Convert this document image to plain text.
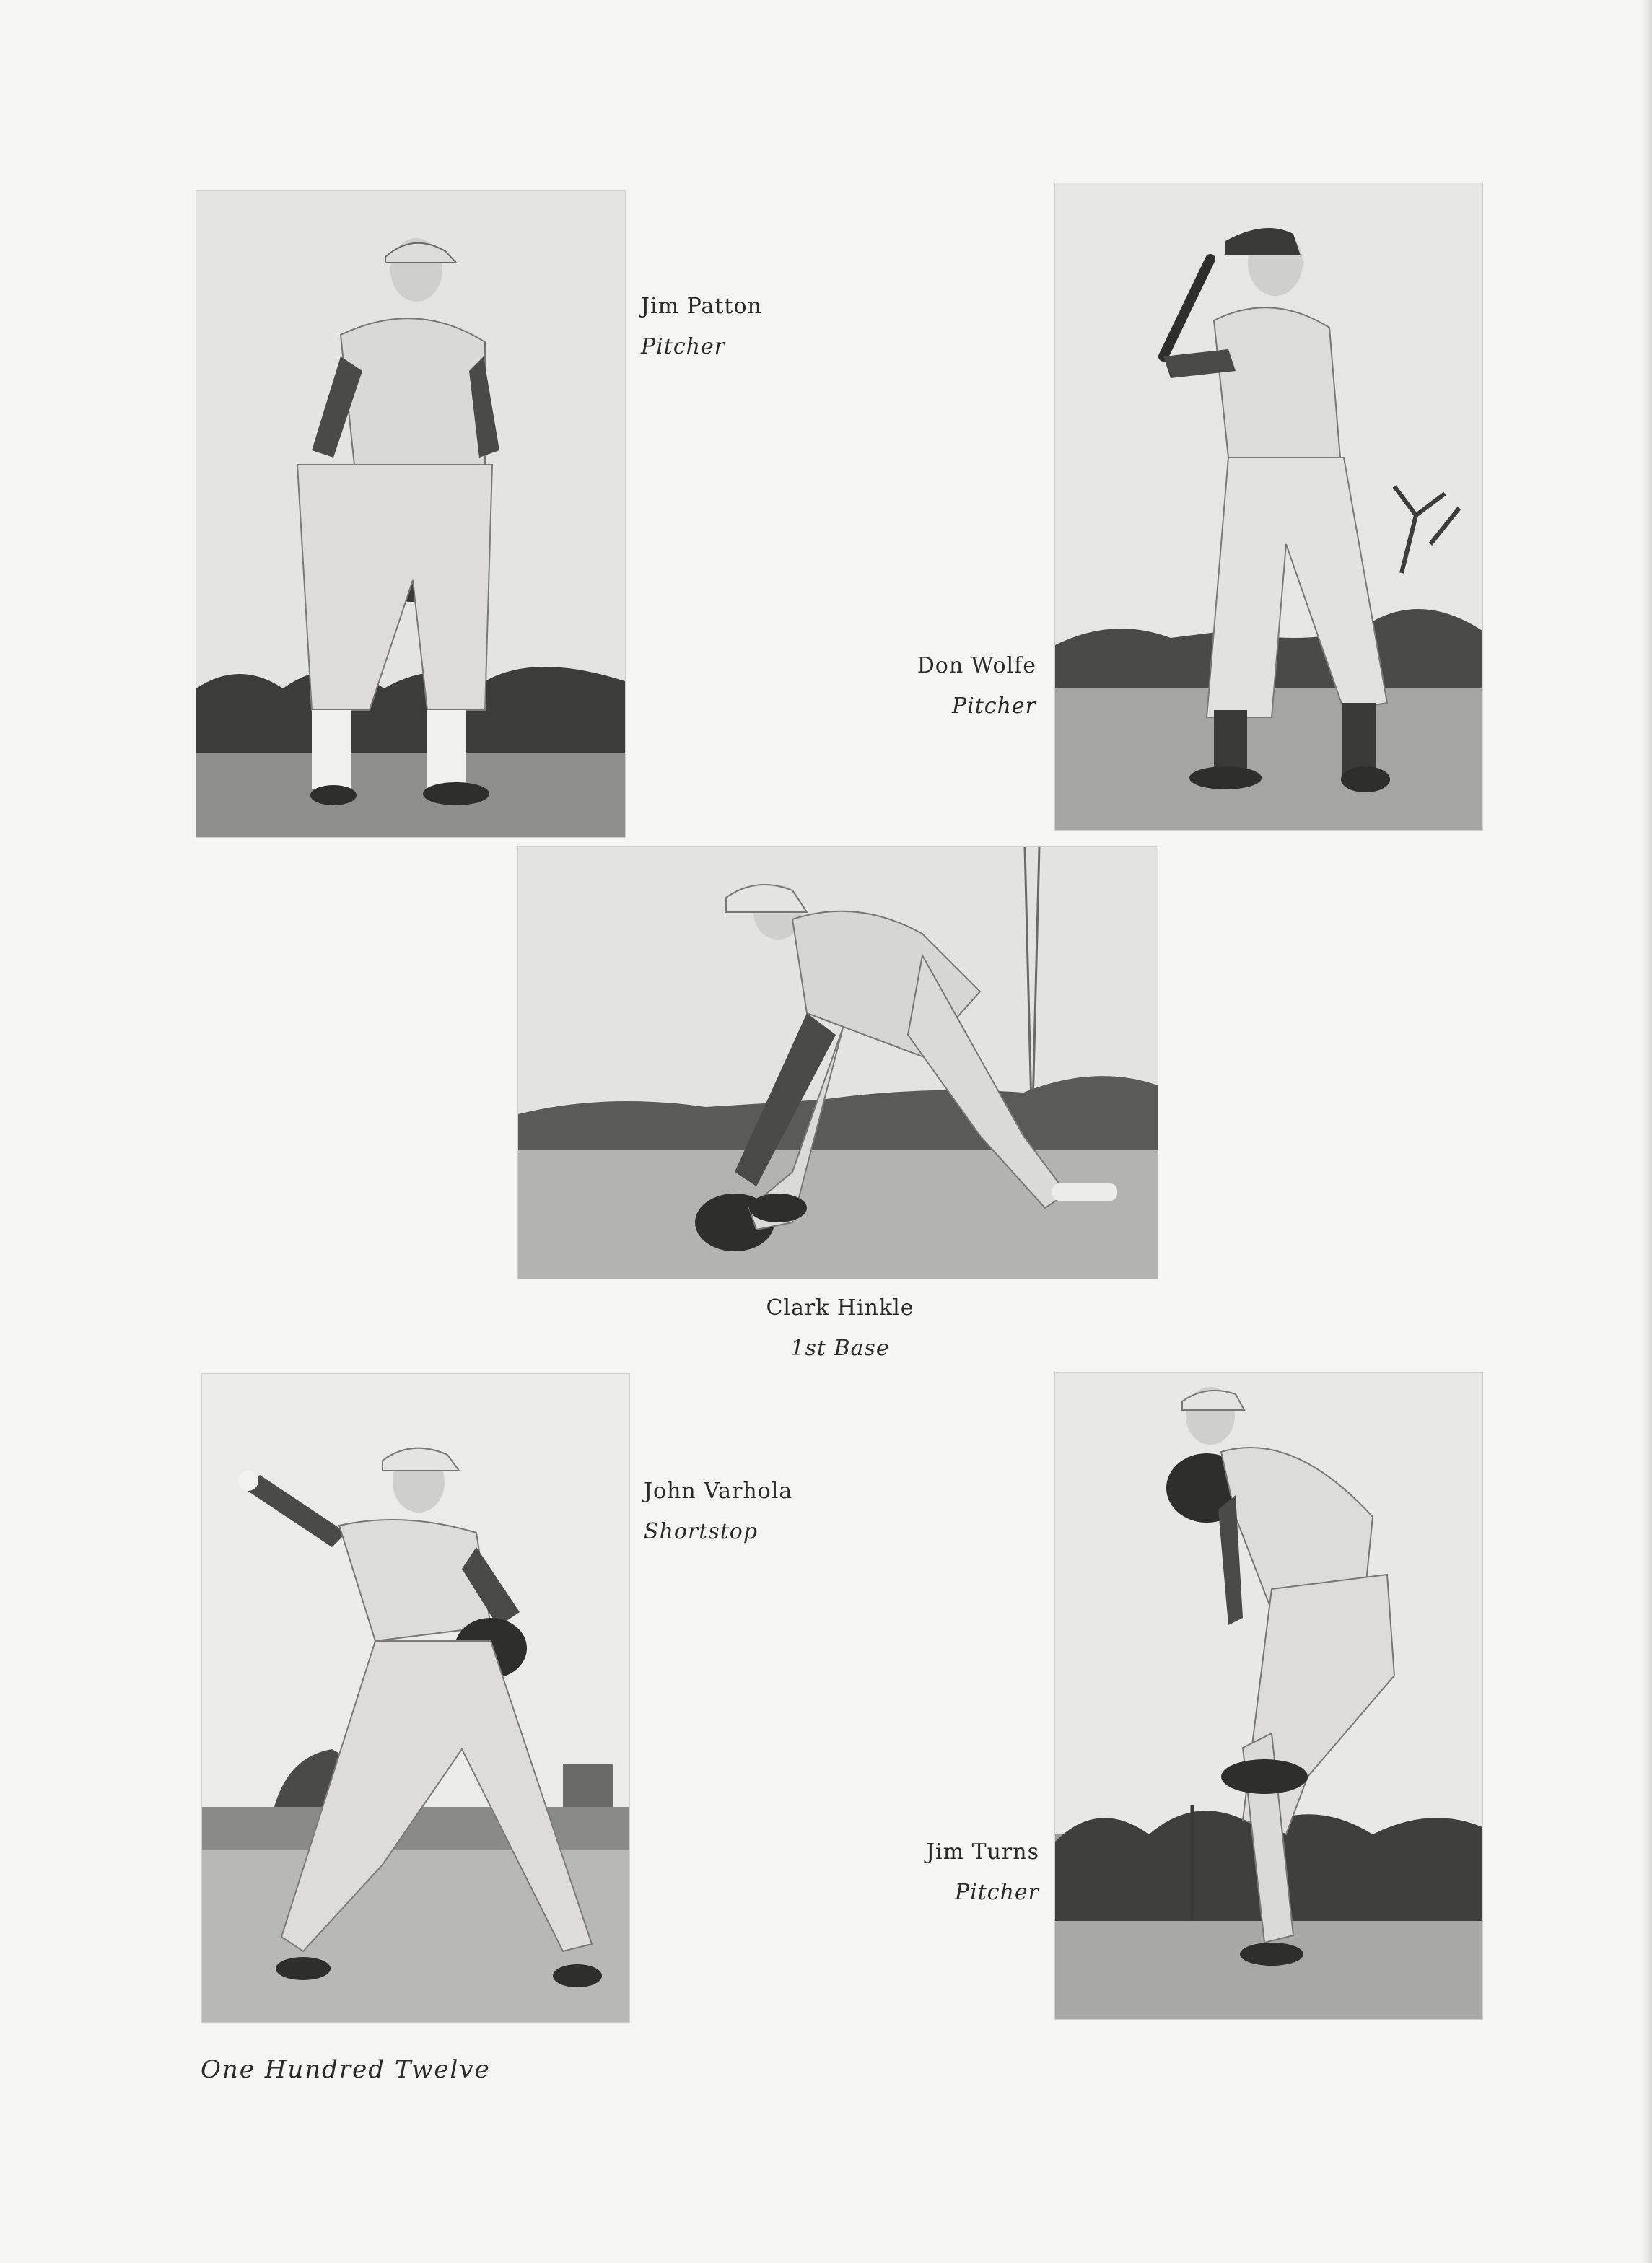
Jim Patton
Pitcher
Don Wolfe
Pitcher
Clark Hinkle
1st Base
John Varhola
Shortstop
Jim Turns
Pitcher
One Hundred Twelve
